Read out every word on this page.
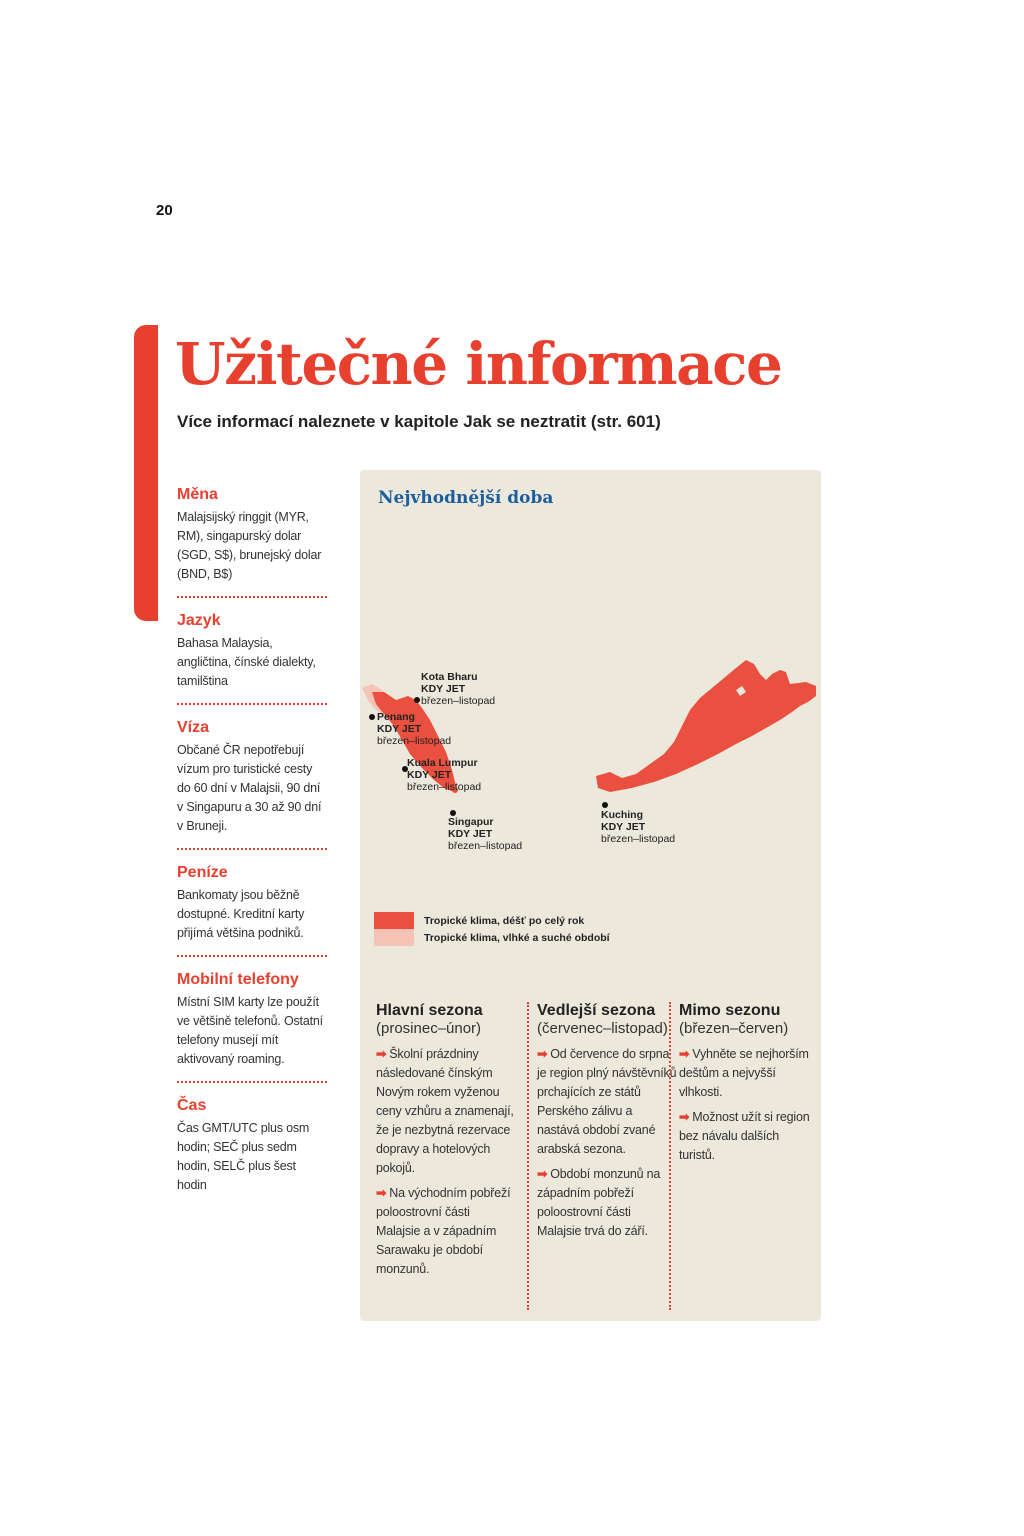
20
Užitečné informace

Více informací naleznete v kapitole Jak se neztratit (str. 601)

Měna

Malajsijský ringgit (MYR, RM), singapurský dolar (SGD, S$), brunejský dolar (BND, B$)

Jazyk

Bahasa Malaysia, angličtina, čínské dialekty, tamilština

Víza

Občané ČR nepotřebují vízum pro turistické cesty do 60 dní v Malajsii, 90 dní v Singapuru a 30 až 90 dní v Bruneji.

Peníze

Bankomaty jsou běžně dostupné. Kreditní karty přijímá většina podniků.

Mobilní telefony

Místní SIM karty lze použít ve většině telefonů. Ostatní telefony musejí mít aktivovaný roaming.

Čas

Čas GMT/UTC plus osm hodin; SEČ plus sedm hodin, SELČ plus šest hodin

Nejvhodnější doba
Kota Bharu KDY JET březen–listopad
Penang KDY JET březen–listopad
Kuala Lumpur KDY JET březen–listopad
Singapur KDY JET březen–listopad
Kuching KDY JET březen–listopad
Tropické klima, déšť po celý rok
Tropické klima, vlhké a suché období

Hlavní sezona

(prosinec–únor)

➡ Školní prázdniny následované čínským Novým rokem vyženou ceny vzhůru a znamenají, že je nezbytná rezervace dopravy a hotelových pokojů.

➡ Na východním pobřeží poloostrovní části Malajsie a v západním Sarawaku je období monzunů.

Vedlejší sezona

(červenec–listopad)

➡ Od července do srpna je region plný návštěvníků prchajících ze států Perského zálivu a nastává období zvané arabská sezona.

➡ Období monzunů na západním pobřeží poloostrovní části Malajsie trvá do září.

Mimo sezonu

(březen–červen)

➡ Vyhněte se nejhorším deštům a nejvyšší vlhkosti.

➡ Možnost užít si region bez návalu dalších turistů.
